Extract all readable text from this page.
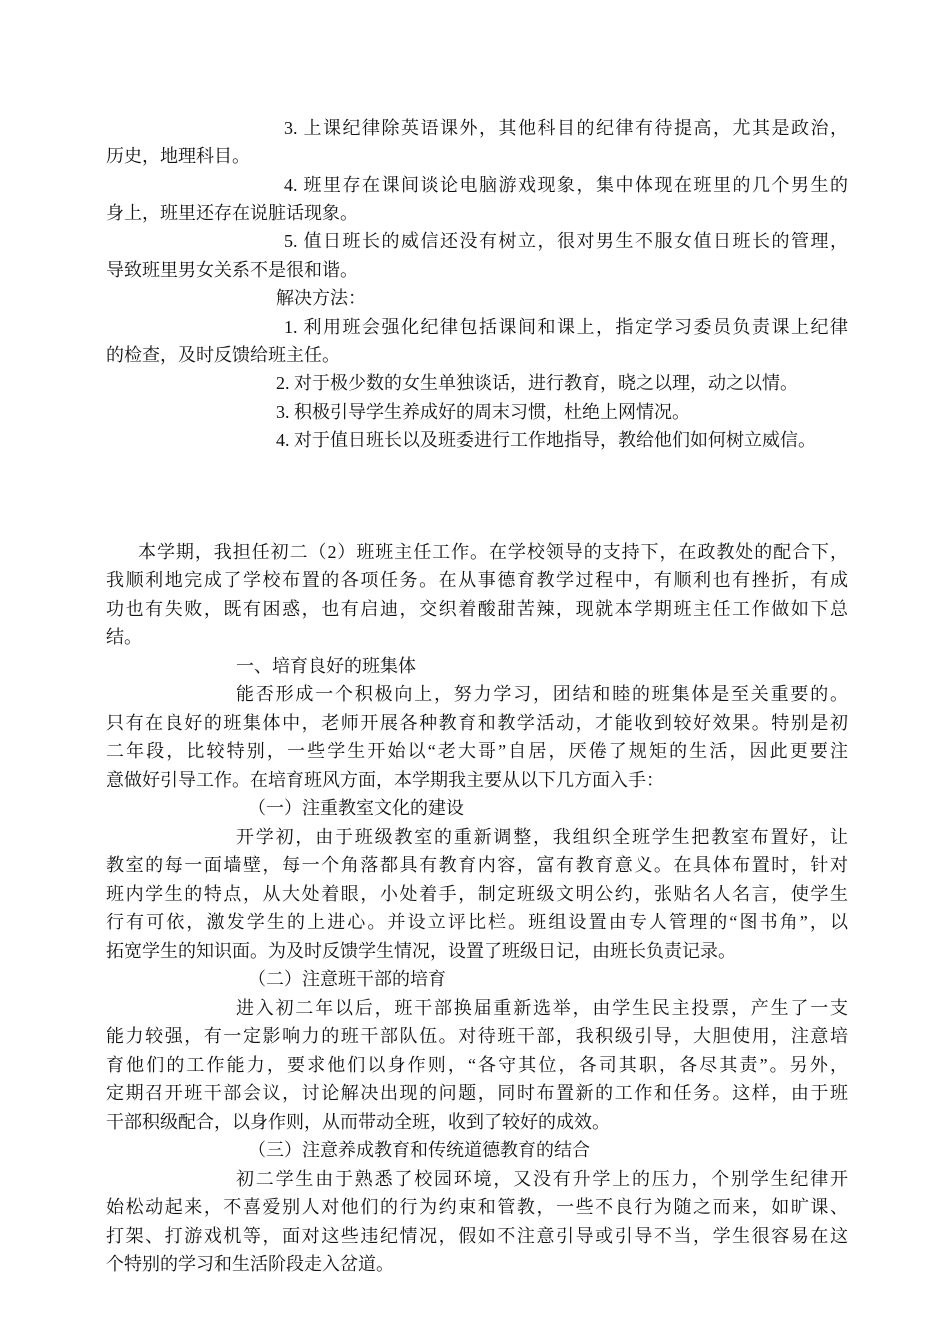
3. 上课纪律除英语课外，其他科目的纪律有待提高，尤其是政治，
历史，地理科目。
4. 班里存在课间谈论电脑游戏现象，集中体现在班里的几个男生的
身上，班里还存在说脏话现象。
5. 值日班长的威信还没有树立，很对男生不服女值日班长的管理，
导致班里男女关系不是很和谐。
解决方法：
1. 利用班会强化纪律包括课间和课上，指定学习委员负责课上纪律
的检查，及时反馈给班主任。
2. 对于极少数的女生单独谈话，进行教育，晓之以理，动之以情。
3. 积极引导学生养成好的周末习惯，杜绝上网情况。
4. 对于值日班长以及班委进行工作地指导，教给他们如何树立威信。
本学期，我担任初二（2）班班主任工作。在学校领导的支持下，在政教处的配合下，
我顺利地完成了学校布置的各项任务。在从事德育教学过程中，有顺利也有挫折，有成
功也有失败，既有困惑，也有启迪，交织着酸甜苦辣，现就本学期班主任工作做如下总
结。
一、培育良好的班集体
能否形成一个积极向上，努力学习，团结和睦的班集体是至关重要的。
只有在良好的班集体中，老师开展各种教育和教学活动，才能收到较好效果。特别是初
二年段，比较特别，一些学生开始以“老大哥”自居，厌倦了规矩的生活，因此更要注
意做好引导工作。在培育班风方面，本学期我主要从以下几方面入手：
（一）注重教室文化的建设
开学初，由于班级教室的重新调整，我组织全班学生把教室布置好，让
教室的每一面墙壁，每一个角落都具有教育内容，富有教育意义。在具体布置时，针对
班内学生的特点，从大处着眼，小处着手，制定班级文明公约，张贴名人名言，使学生
行有可依，激发学生的上进心。并设立评比栏。班组设置由专人管理的“图书角”，以
拓宽学生的知识面。为及时反馈学生情况，设置了班级日记，由班长负责记录。
（二）注意班干部的培育
进入初二年以后，班干部换届重新选举，由学生民主投票，产生了一支
能力较强，有一定影响力的班干部队伍。对待班干部，我积级引导，大胆使用，注意培
育他们的工作能力，要求他们以身作则，“各守其位，各司其职，各尽其责”。另外，
定期召开班干部会议，讨论解决出现的问题，同时布置新的工作和任务。这样，由于班
干部积级配合，以身作则，从而带动全班，收到了较好的成效。
（三）注意养成教育和传统道德教育的结合
初二学生由于熟悉了校园环境，又没有升学上的压力，个别学生纪律开
始松动起来，不喜爱别人对他们的行为约束和管教，一些不良行为随之而来，如旷课、
打架、打游戏机等，面对这些违纪情况，假如不注意引导或引导不当，学生很容易在这
个特别的学习和生活阶段走入岔道。
